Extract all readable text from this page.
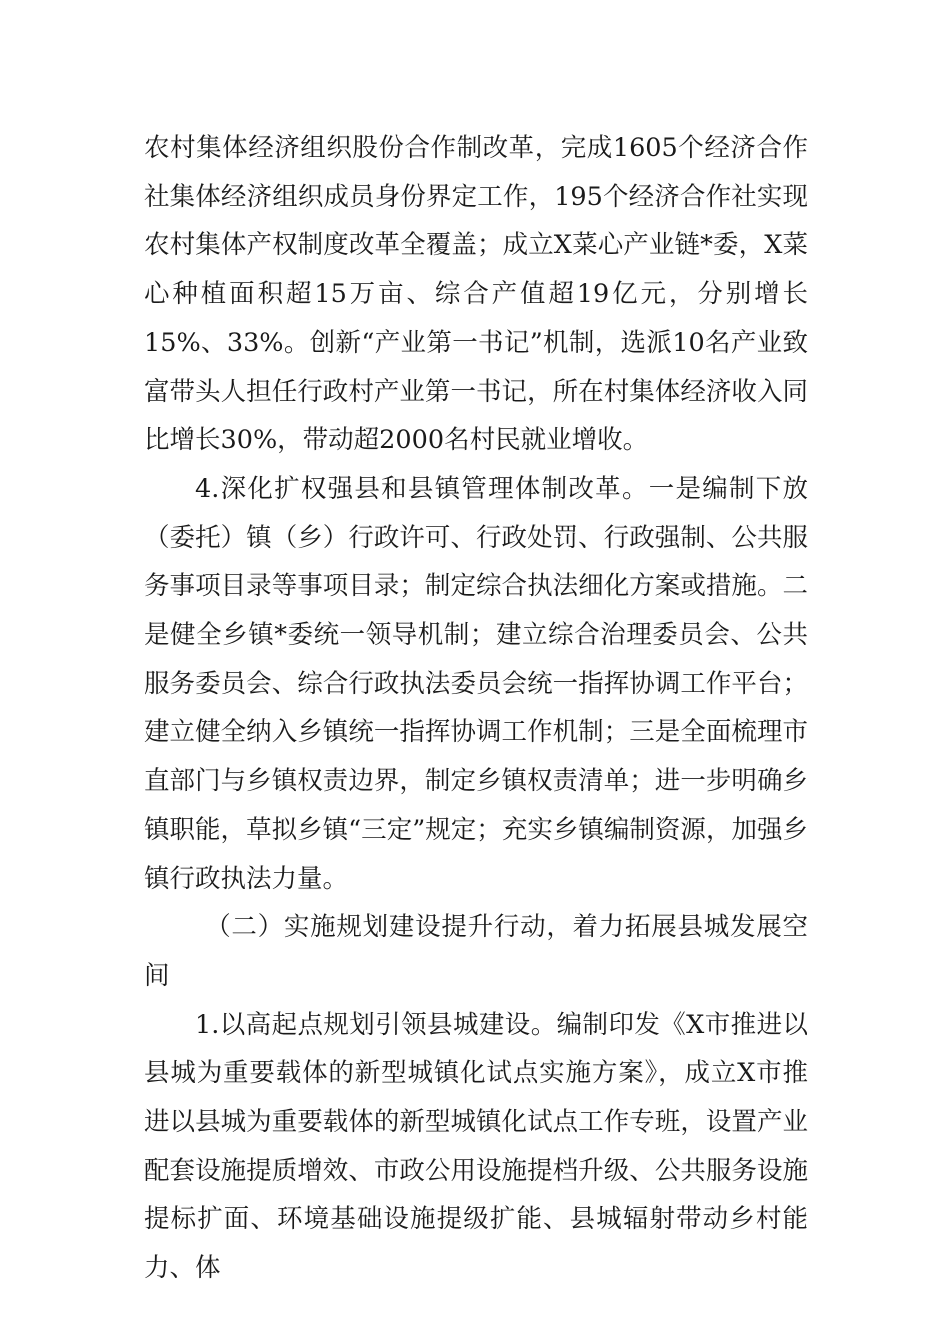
农村集体经济组织股份合作制改革，完成1605个经济合作社集体经济组织成员身份界定工作，195个经济合作社实现农村集体产权制度改革全覆盖；成立X菜心产业链*委，X菜心种植面积超15万亩、综合产值超19亿元，分别增长15%、33%。创新“产业第一书记”机制，选派10名产业致富带头人担任行政村产业第一书记，所在村集体经济收入同比增长30%，带动超2000名村民就业增收。

4.深化扩权强县和县镇管理体制改革。一是编制下放（委托）镇（乡）行政许可、行政处罚、行政强制、公共服务事项目录等事项目录；制定综合执法细化方案或措施。二是健全乡镇*委统一领导机制；建立综合治理委员会、公共服务委员会、综合行政执法委员会统一指挥协调工作平台；建立健全纳入乡镇统一指挥协调工作机制；三是全面梳理市直部门与乡镇权责边界，制定乡镇权责清单；进一步明确乡镇职能，草拟乡镇“三定”规定；充实乡镇编制资源，加强乡镇行政执法力量。

（二）实施规划建设提升行动，着力拓展县城发展空间

1.以高起点规划引领县城建设。编制印发《X市推进以县城为重要载体的新型城镇化试点实施方案》，成立X市推进以县城为重要载体的新型城镇化试点工作专班，设置产业配套设施提质增效、市政公用设施提档升级、公共服务设施提标扩面、环境基础设施提级扩能、县城辐射带动乡村能力、体
